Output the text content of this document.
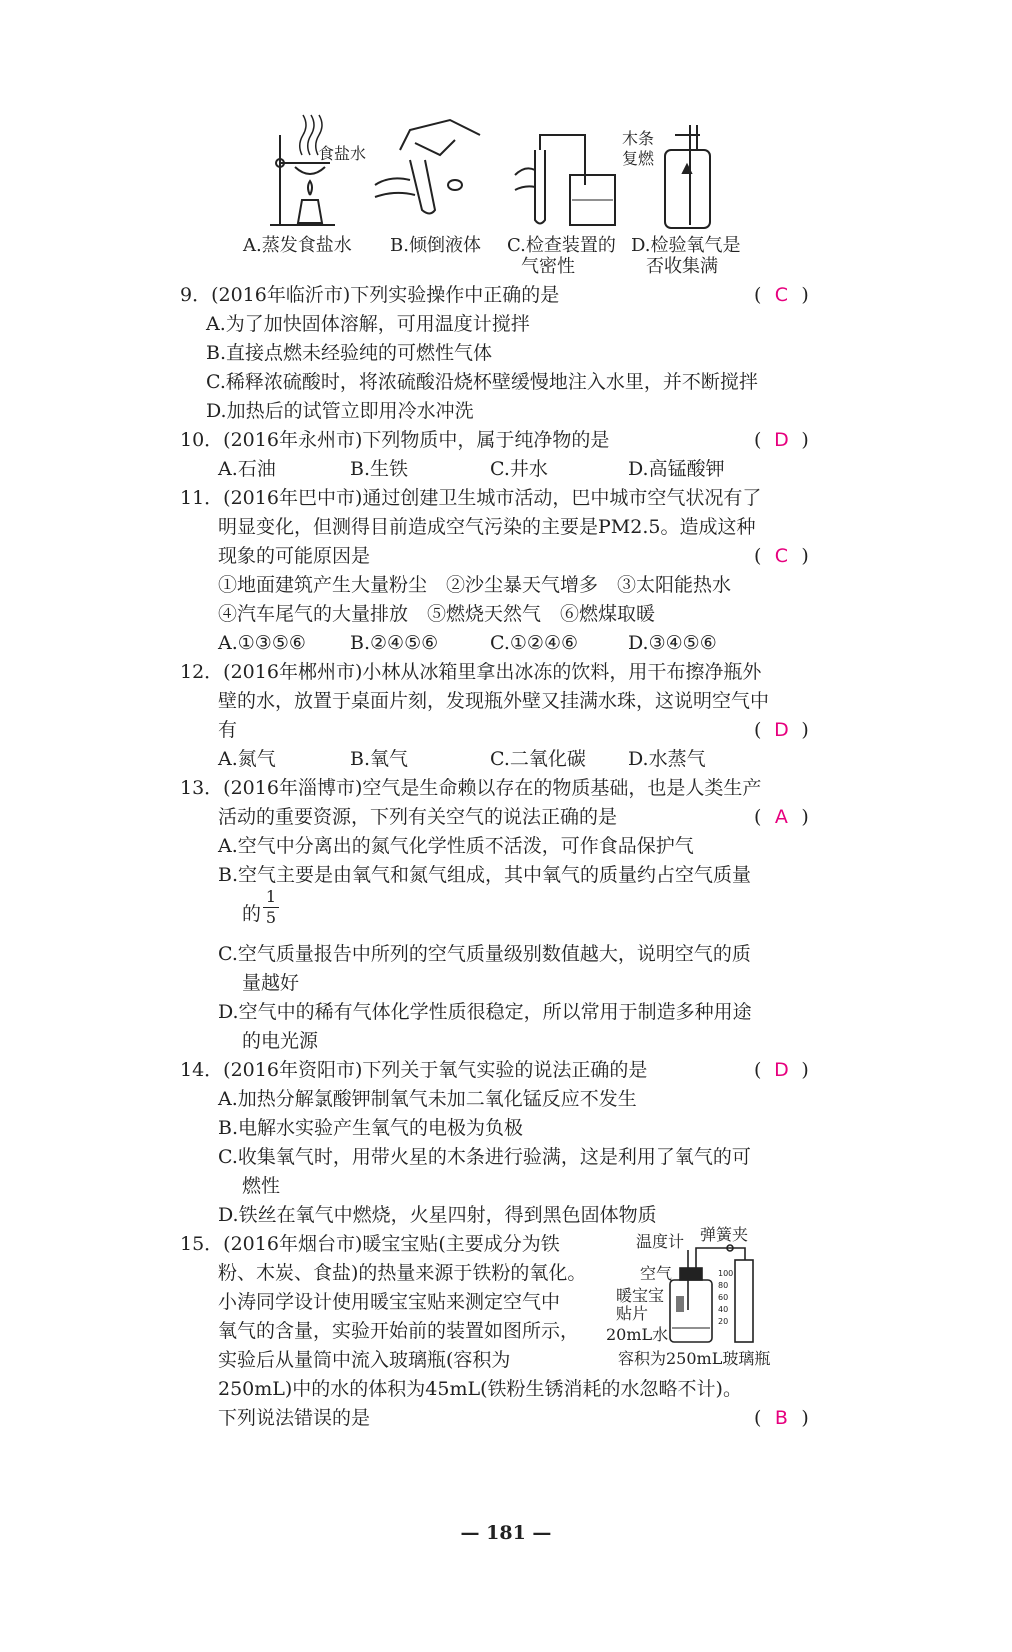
食盐水
木条
复燃
A.蒸发食盐水 B.倾倒液体 C.检查装置的
气密性
D.检验氧气是
否收集满
9．(2016年临沂市)下列实验操作中正确的是	( C )
A.为了加快固体溶解，可用温度计搅拌
B.直接点燃未经验纯的可燃性气体
C.稀释浓硫酸时，将浓硫酸沿烧杯壁缓慢地注入水里，并不断搅拌
D.加热后的试管立即用冷水冲洗
10．(2016年永州市)下列物质中，属于纯净物的是	( D )
A.石油	B.生铁	C.井水	D.高锰酸钾
11．(2016年巴中市)通过创建卫生城市活动，巴中城市空气状况有了
明显变化，但测得目前造成空气污染的主要是PM2.5。造成这种
现象的可能原因是	( C )
①地面建筑产生大量粉尘　②沙尘暴天气增多　③太阳能热水
④汽车尾气的大量排放　⑤燃烧天然气　⑥燃煤取暖
A.①③⑤⑥ B.②④⑤⑥	C.①②④⑥	D.③④⑤⑥
12．(2016年郴州市)小林从冰箱里拿出冰冻的饮料，用干布擦净瓶外
壁的水，放置于桌面片刻，发现瓶外壁又挂满水珠，这说明空气中
有	( D )
A.氮气	B.氧气	C.二氧化碳 D.水蒸气
13．(2016年淄博市)空气是生命赖以存在的物质基础，也是人类生产
活动的重要资源，下列有关空气的说法正确的是	( A )
A.空气中分离出的氮气化学性质不活泼，可作食品保护气
B.空气主要是由氧气和氮气组成，其中氧气的质量约占空气质量
的
1
5
C.空气质量报告中所列的空气质量级别数值越大，说明空气的质
量越好
D.空气中的稀有气体化学性质很稳定，所以常用于制造多种用途
的电光源
14．(2016年资阳市)下列关于氧气实验的说法正确的是	( D )
A.加热分解氯酸钾制氧气未加二氧化锰反应不发生
B.电解水实验产生氧气的电极为负极
C.收集氧气时，用带火星的木条进行验满，这是利用了氧气的可
燃性
D.铁丝在氧气中燃烧，火星四射，得到黑色固体物质
15．(2016年烟台市)暖宝宝贴(主要成分为铁
粉、木炭、食盐)的热量来源于铁粉的氧化。
小涛同学设计使用暖宝宝贴来测定空气中
氧气的含量，实验开始前的装置如图所示，
实验后从量筒中流入玻璃瓶(容积为
250mL)中的水的体积为45mL(铁粉生锈消耗的水忽略不计)。
下列说法错误的是	( B )
温度计 弹簧夹
空气
暖宝宝
贴片
20mL水
容积为250mL玻璃瓶
100
80
60
40
20
— 181 —
